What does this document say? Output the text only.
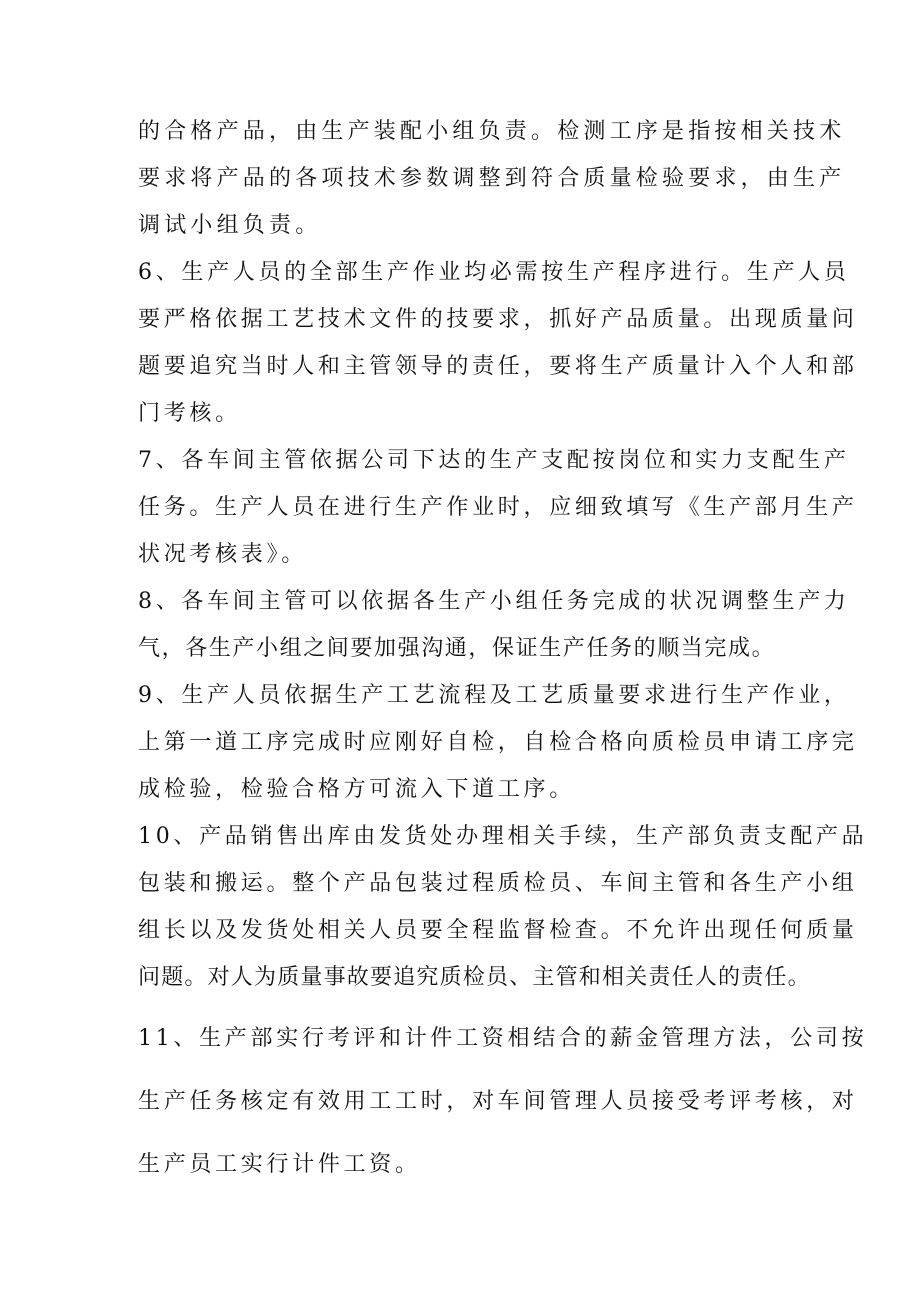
的合格产品，由生产装配小组负责。检测工序是指按相关技术
要求将产品的各项技术参数调整到符合质量检验要求，由生产
调试小组负责。
6、生产人员的全部生产作业均必需按生产程序进行。生产人员
要严格依据工艺技术文件的技要求，抓好产品质量。出现质量问
题要追究当时人和主管领导的责任，要将生产质量计入个人和部
门考核。
7、各车间主管依据公司下达的生产支配按岗位和实力支配生产
任务。生产人员在进行生产作业时，应细致填写《生产部月生产
状况考核表》。
8、各车间主管可以依据各生产小组任务完成的状况调整生产力
气，各生产小组之间要加强沟通，保证生产任务的顺当完成。
9、生产人员依据生产工艺流程及工艺质量要求进行生产作业，
上第一道工序完成时应刚好自检，自检合格向质检员申请工序完
成检验，检验合格方可流入下道工序。
10、产品销售出库由发货处办理相关手续，生产部负责支配产品
包装和搬运。整个产品包装过程质检员、车间主管和各生产小组
组长以及发货处相关人员要全程监督检查。不允许出现任何质量
问题。对人为质量事故要追究质检员、主管和相关责任人的责任。
11、生产部实行考评和计件工资相结合的薪金管理方法，公司按
生产任务核定有效用工工时，对车间管理人员接受考评考核，对
生产员工实行计件工资。
